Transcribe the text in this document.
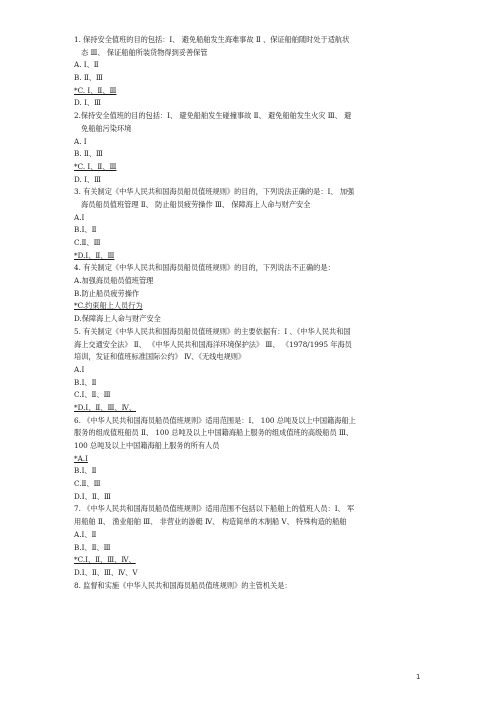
1. 保持安全值班的目的包括：Ⅰ、 避免船舶发生海难事故 Ⅱ 、保证船舶随时处于适航状
态 Ⅲ、 保证船舶所装货物得到妥善保管
A. Ⅰ、Ⅱ
B. Ⅱ、Ⅲ
*C. Ⅰ、Ⅱ、Ⅲ
D. Ⅰ、Ⅲ
2.保持安全值班的目的包括：Ⅰ、 避免船舶发生碰撞事故 Ⅱ、 避免船舶发生火灾 Ⅲ、 避
免船舶污染环境
A. Ⅰ
B. Ⅱ、Ⅲ
*C. Ⅰ、Ⅱ、Ⅲ
D. Ⅰ、Ⅲ
3. 有关制定《中华人民共和国海员船员值班规则》的目的，下列说法正确的是：Ⅰ、 加强
海员船员值班管理 Ⅱ、 防止船员疲劳操作 Ⅲ、 保障海上人命与财产安全
A.Ⅰ
B.Ⅰ、Ⅱ
C.Ⅱ、Ⅲ
*D.Ⅰ、Ⅱ、Ⅲ
4. 有关制定《中华人民共和国海员船员值班规则》的目的，下列说法不正确的是：
A.加强海员船员值班管理
B.防止船员疲劳操作
*C.约束船上人员行为
D.保障海上人命与财产安全
5. 有关制定《中华人民共和国海员船员值班规则》的主要依据有：Ⅰ 、《中华人民共和国
海上交通安全法》 Ⅱ、 《中华人民共和国海洋环境保护法》 Ⅲ、 《1978/1995 年海员
培训，发证和值班标准国际公约》 Ⅳ、《无线电规则》
A.Ⅰ
B.Ⅰ、Ⅱ
C.Ⅰ、Ⅱ、Ⅲ
*D.Ⅰ、Ⅱ、Ⅲ、Ⅳ、
6. 《中华人民共和国海员船员值班规则》适用范围是：Ⅰ、 100 总吨及以上中国籍海船上
服务的组成值班船员 Ⅱ、 100 总吨及以上中国籍海船上服务的组成值班的高级船员 Ⅲ、
100 总吨及以上中国籍海船上服务的所有人员
*A.Ⅰ
B.Ⅰ、Ⅱ
C.Ⅱ、Ⅲ
D.Ⅰ、Ⅱ、Ⅲ
7. 《中华人民共和国海员船员值班规则》适用范围不包括以下船舶上的值班人员：Ⅰ、 军
用船舶 Ⅱ、 渔业船舶 Ⅲ、 非营业的游艇 Ⅳ、 构造简单的木制船 Ⅴ、 特殊构造的船舶
A.Ⅰ、Ⅱ
B.Ⅰ、Ⅱ、Ⅲ
*C.Ⅰ、Ⅱ、Ⅲ、Ⅳ、
D.Ⅰ、Ⅱ、Ⅲ、Ⅳ、Ⅴ
8. 监督和实施《中华人民共和国海员船员值班规则》的主管机关是：
1
